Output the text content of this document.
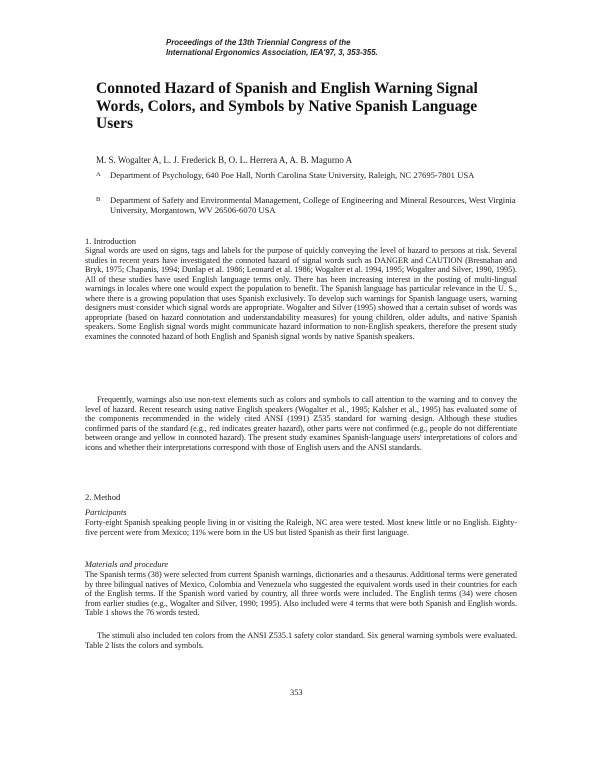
Proceedings of the 13th Triennial Congress of the
International Ergonomics Association, IEA'97, 3, 353-355.
Connoted Hazard of Spanish and English Warning Signal Words, Colors, and Symbols by Native Spanish Language Users
M. S. Wogalter A, L. J. Frederick B, O. L. Herrera A, A. B. Magurno A
A Department of Psychology, 640 Poe Hall, North Carolina State University, Raleigh, NC 27695-7801 USA
B Department of Safety and Environmental Management, College of Engineering and Mineral Resources, West Virginia University, Morgantown, WV 26506-6070 USA
1. Introduction
Signal words are used on signs, tags and labels for the purpose of quickly conveying the level of hazard to persons at risk. Several studies in recent years have investigated the connoted hazard of signal words such as DANGER and CAUTION (Bresnahan and Bryk, 1975; Chapanis, 1994; Dunlap et al. 1986; Leonard et al. 1986; Wogalter et al. 1994, 1995; Wogalter and Silver, 1990, 1995). All of these studies have used English language terms only. There has been increasing interest in the posting of multi-lingual warnings in locales where one would expect the population to benefit. The Spanish language has particular relevance in the U. S., where there is a growing population that uses Spanish exclusively. To develop such warnings for Spanish language users, warning designers must consider which signal words are appropriate. Wogalter and Silver (1995) showed that a certain subset of words was appropriate (based on hazard connotation and understandability measures) for young children, older adults, and native Spanish speakers. Some English signal words might communicate hazard information to non-English speakers, therefore the present study examines the connoted hazard of both English and Spanish signal words by native Spanish speakers.
Frequently, warnings also use non-text elements such as colors and symbols to call attention to the warning and to convey the level of hazard. Recent research using native English speakers (Wogalter et al., 1995; Kalsher et al., 1995) has evaluated some of the components recommended in the widely cited ANSI (1991) Z535 standard for warning design. Although these studies confirmed parts of the standard (e.g., red indicates greater hazard), other parts were not confirmed (e.g., people do not differentiate between orange and yellow in connoted hazard). The present study examines Spanish-language users' interpretations of colors and icons and whether their interpretations correspond with those of English users and the ANSI standards.
2. Method
Participants
Forty-eight Spanish speaking people living in or visiting the Raleigh, NC area were tested. Most knew little or no English. Eighty-five percent were from Mexico; 11% were born in the US but listed Spanish as their first language.
Materials and procedure
The Spanish terms (38) were selected from current Spanish warnings, dictionaries and a thesaurus. Additional terms were generated by three bilingual natives of Mexico, Colombia and Venezuela who suggested the equivalent words used in their countries for each of the English terms. If the Spanish word varied by country, all three words were included. The English terms (34) were chosen from earlier studies (e.g., Wogalter and Silver, 1990; 1995). Also included were 4 terms that were both Spanish and English words. Table 1 shows the 76 words tested.
The stimuli also included ten colors from the ANSI Z535.1 safety color standard. Six general warning symbols were evaluated. Table 2 lists the colors and symbols.
353
